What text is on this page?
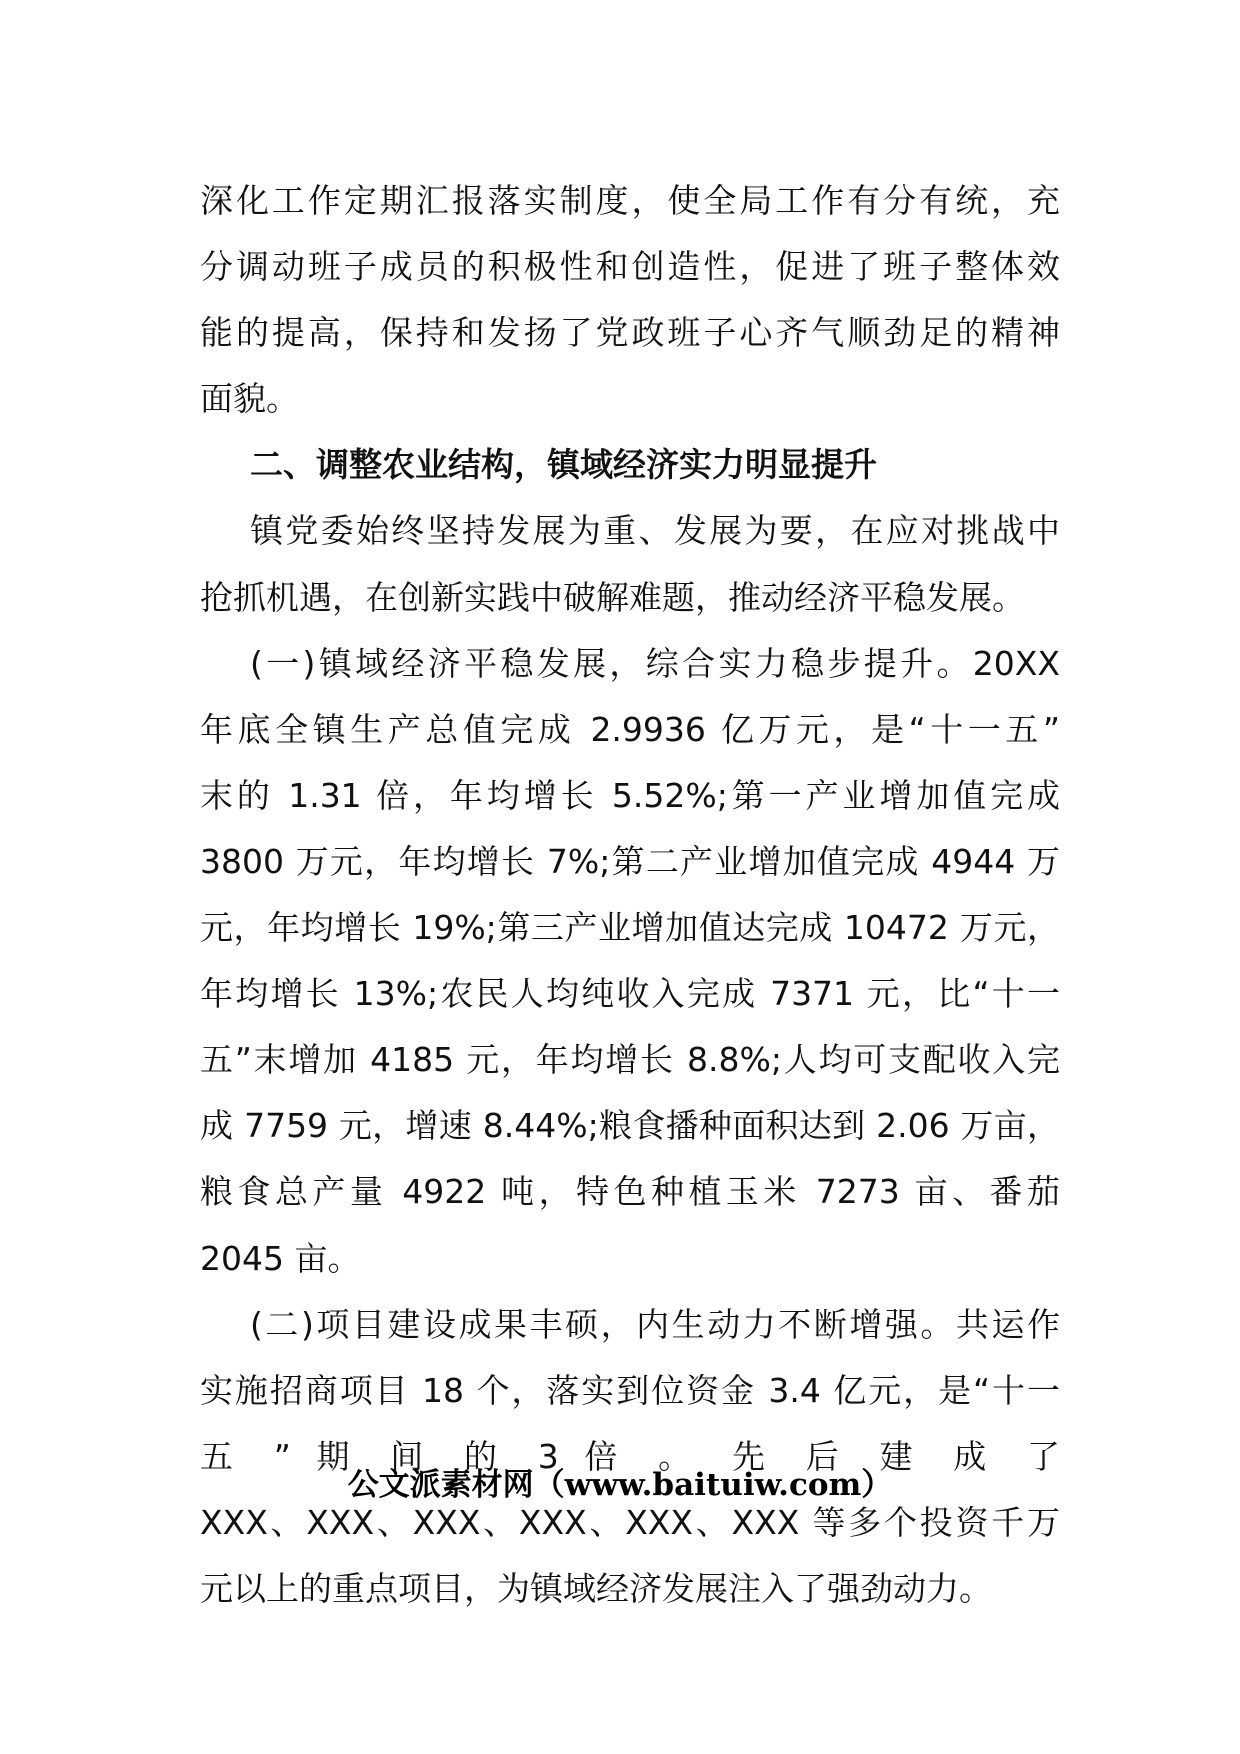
深化工作定期汇报落实制度，使全局工作有分有统，充
分调动班子成员的积极性和创造性，促进了班子整体效
能的提高，保持和发扬了党政班子心齐气顺劲足的精神
面貌。
二、调整农业结构，镇域经济实力明显提升
镇党委始终坚持发展为重、发展为要，在应对挑战中
抢抓机遇，在创新实践中破解难题，推动经济平稳发展。
(一)镇域经济平稳发展，综合实力稳步提升。20XX
年底全镇生产总值完成 2.9936 亿万元，是“十一五”
末的 1.31 倍，年均增长 5.52%;第一产业增加值完成
3800 万元，年均增长 7%;第二产业增加值完成 4944 万
元，年均增长 19%;第三产业增加值达完成 10472 万元，
年均增长 13%;农民人均纯收入完成 7371 元，比“十一
五”末增加 4185 元，年均增长 8.8%;人均可支配收入完
成 7759 元，增速 8.44%;粮食播种面积达到 2.06 万亩，
粮食总产量 4922 吨，特色种植玉米 7273 亩、番茄
2045 亩。
(二)项目建设成果丰硕，内生动力不断增强。共运作
实施招商项目 18 个，落实到位资金 3.4 亿元，是“十一
五 ” 期 间 的 3 倍 。 先 后 建 成 了
XXX、XXX、XXX、XXX、XXX、XXX 等多个投资千万
元以上的重点项目，为镇域经济发展注入了强劲动力。
公文派素材网（www.baituiw.com）
